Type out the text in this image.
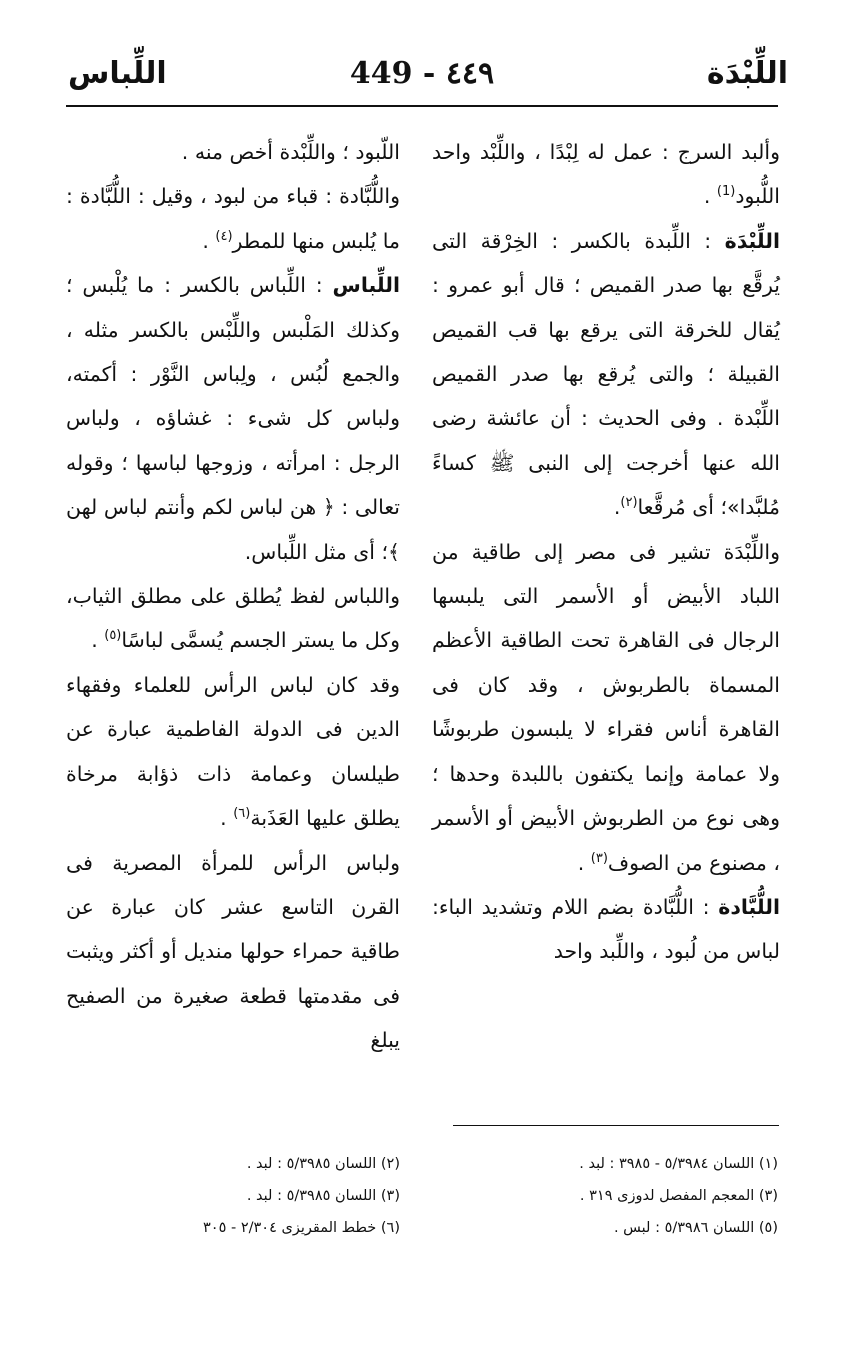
اللِّبْدَة
449 - ٤٤٩
اللِّباس

وألبد السرج : عمل له لِبْدًا ، واللِّبْد واحد اللُّبود$^{(1)}$ .

اللِّبْدَة : اللِّبدة بالكسر : الخِرْقة التى يُرقَّع بها صدر القميص ؛ قال أبو عمرو : يُقال للخرقة التى يرقع بها قب القميص القبيلة ؛ والتى يُرقع بها صدر القميص اللِّبْدة . وفى الحديث : أن عائشة رضى الله عنها أخرجت إلى النبى ﷺ كساءً مُلبَّدا»؛ أى مُرقَّعا$^{(٢)}$.

واللِّبْدَة تشير فى مصر إلى طاقية من اللباد الأبيض أو الأسمر التى يلبسها الرجال فى القاهرة تحت الطاقية الأعظم المسماة بالطربوش ، وقد كان فى القاهرة أناس فقراء لا يلبسون طربوشًا ولا عمامة وإنما يكتفون باللبدة وحدها ؛ وهى نوع من الطربوش الأبيض أو الأسمر ، مصنوع من الصوف$^{(٣)}$ .

اللُّبَّادة : اللُّبَّادة بضم اللام وتشديد الباء: لباس من لُبود ، واللِّبد واحد

اللّبود ؛ واللِّبْدة أخص منه .

واللُّبَّادة : قباء من لبود ، وقيل : اللُّبَّادة : ما يُلبس منها للمطر$^{(٤)}$ .

اللِّباس : اللِّباس بالكسر : ما يُلْبس ؛ وكذلك المَلْبس واللِّبْس بالكسر مثله ، والجمع لُبُس ، ولِباس النَّوْر : أكمته، ولباس كل شىء : غشاؤه ، ولباس الرجل : امرأته ، وزوجها لباسها ؛ وقوله تعالى : ﴿ هن لباس لكم وأنتم لباس لهن ﴾؛ أى مثل اللِّباس.

واللباس لفظ يُطلق على مطلق الثياب، وكل ما يستر الجسم يُسمَّى لباسًا$^{(٥)}$ .

وقد كان لباس الرأس للعلماء وفقهاء الدين فى الدولة الفاطمية عبارة عن طيلسان وعمامة ذات ذؤابة مرخاة يطلق عليها العَذَبة$^{(٦)}$ .

ولباس الرأس للمرأة المصرية فى القرن التاسع عشر كان عبارة عن طاقية حمراء حولها منديل أو أكثر ويثبت فى مقدمتها قطعة صغيرة من الصفيح يبلغ

(١) اللسان ٥/٣٩٨٤ - ٣٩٨٥ : لبد .
(٣) المعجم المفصل لدوزى ٣١٩ .
(٥) اللسان ٥/٣٩٨٦ : لبس .
(٢) اللسان ٥/٣٩٨٥ : لبد .
(٣) اللسان ٥/٣٩٨٥ : لبد .
(٦) خطط المقريزى ٢/٣٠٤ - ٣٠٥
